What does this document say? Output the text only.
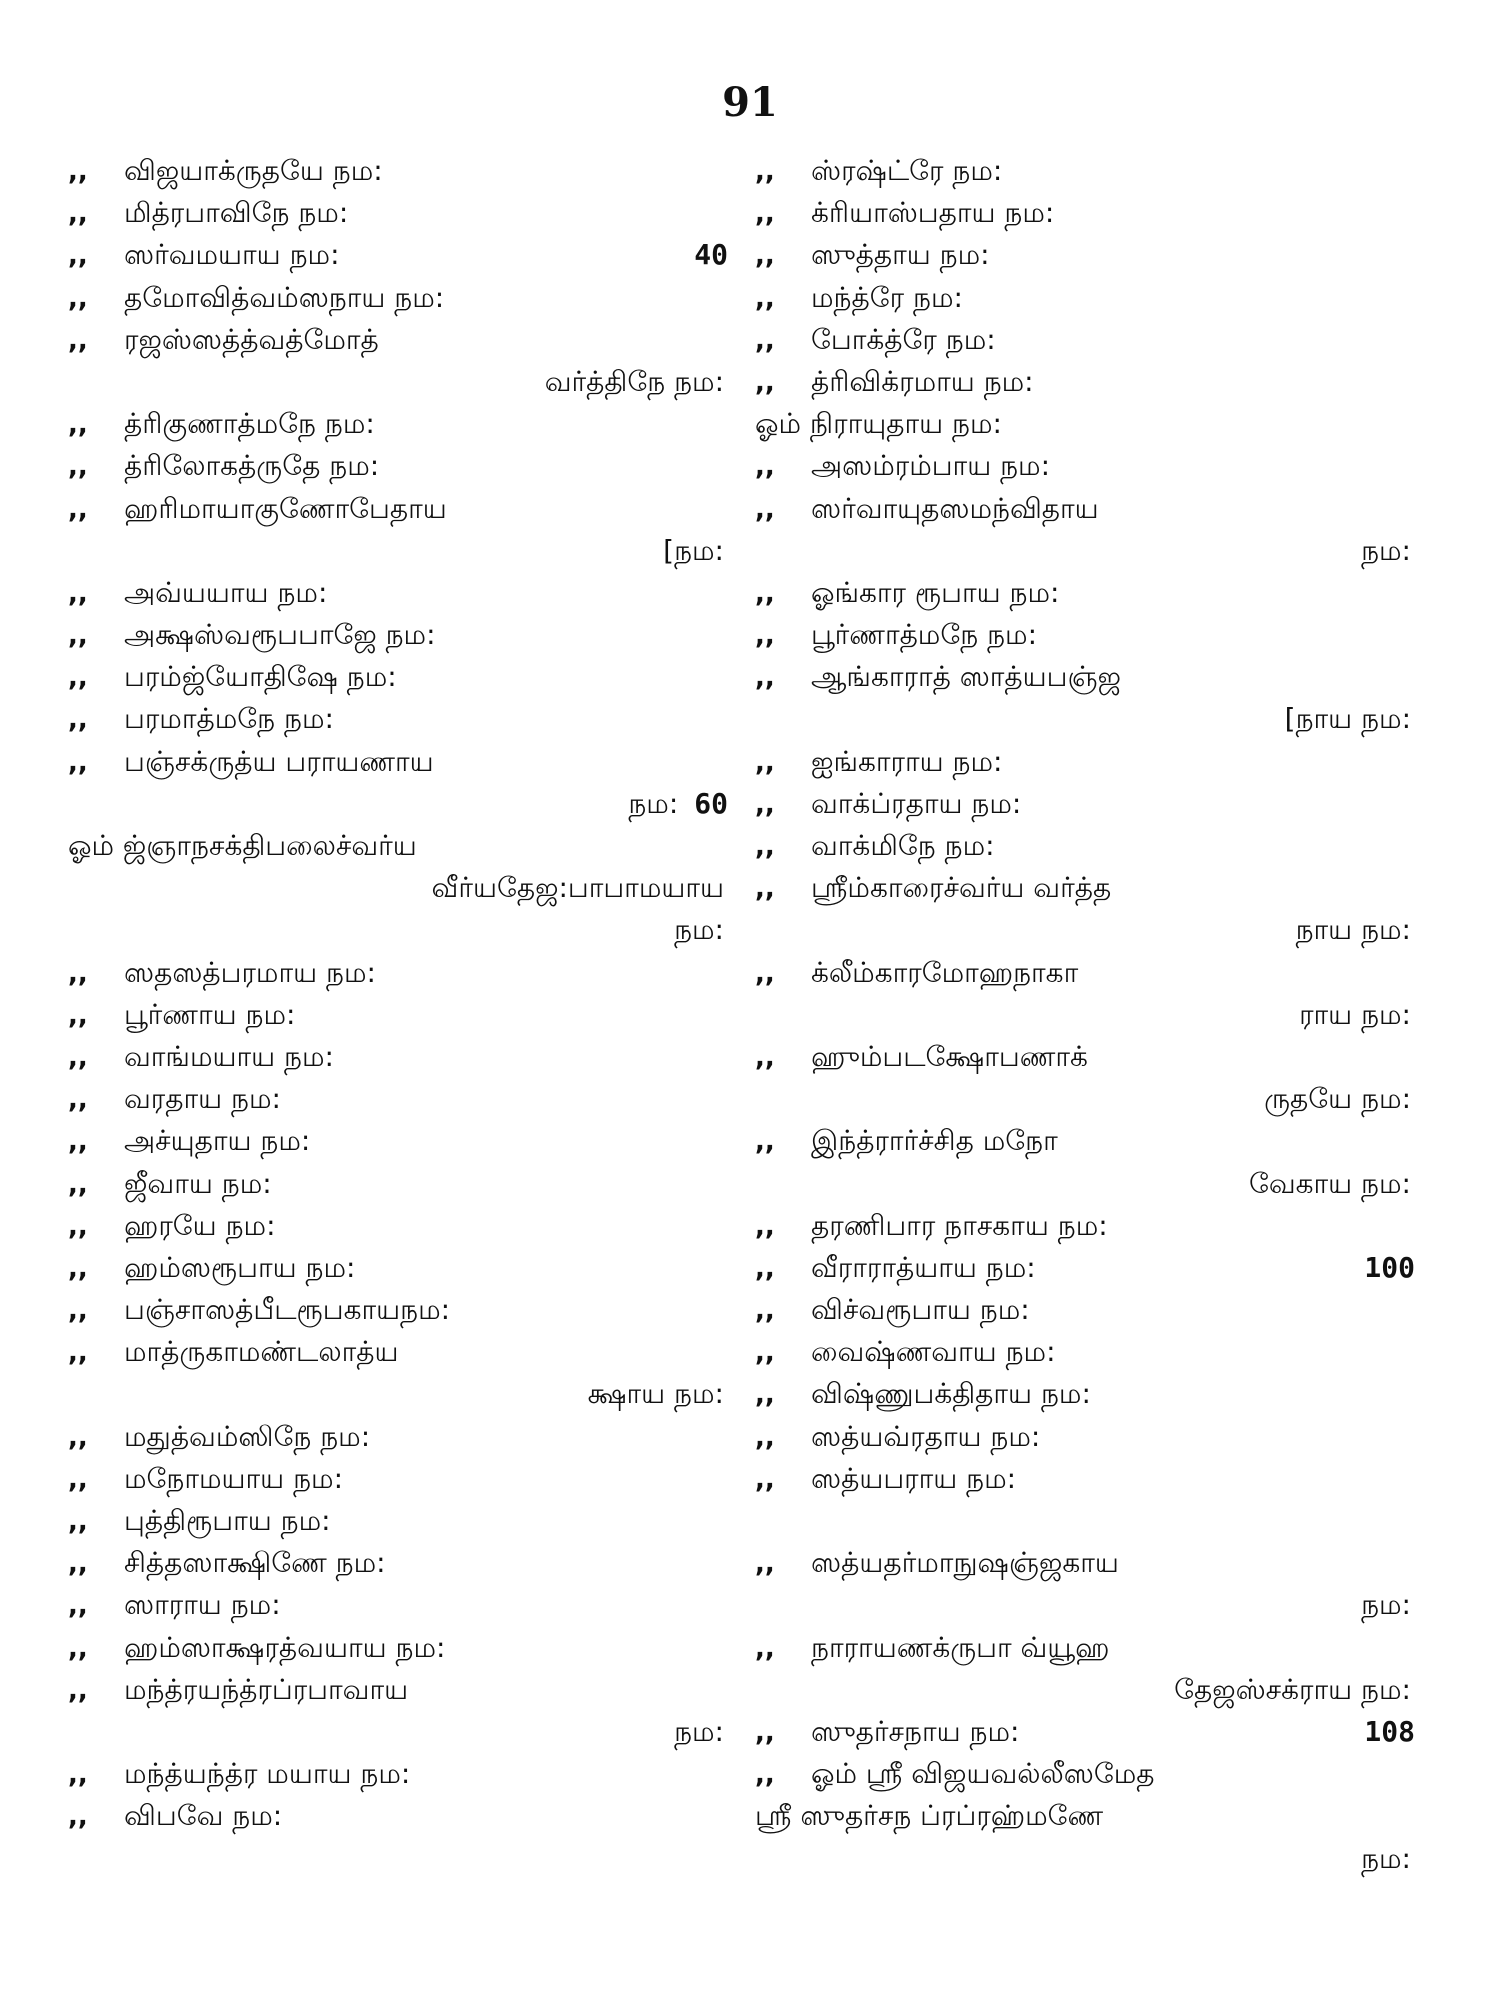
91
,,	விஜயாக்ருதயே நம:
,,	மித்ரபாவிநே நம:
,,	ஸர்வமயாய நம:	40
,,	தமோவித்வம்ஸநாய நம:
,,	ரஜஸ்ஸத்த்வத்மோத்
வர்த்திநே நம:
,,	த்ரிகுணாத்மநே நம:
,,	த்ரிலோகத்ருதே நம:
,,	ஹரிமாயாகுணோபேதாய
[நம:
,,	அவ்யயாய நம:
,,	அக்ஷஸ்வரூபபாஜே நம:
,,	பரம்ஜ்யோதிஷே நம:
,,	பரமாத்மநே நம:
,,	பஞ்சக்ருத்ய பராயணாய
நம: 60
ஓம் ஜ்ஞாநசக்திபலைச்வர்ய
வீர்யதேஜ:பாபாமயாய
நம:
,,	ஸதஸத்பரமாய நம:
,,	பூர்ணாய நம:
,,	வாங்மயாய நம:
,,	வரதாய நம:
,,	அச்யுதாய நம:
,,	ஜீவாய நம:
,,	ஹரயே நம:
,,	ஹம்ஸரூபாய நம:
,,	பஞ்சாஸத்பீடரூபகாயநம:
,,	மாத்ருகாமண்டலாத்ய
க்ஷாய நம:
,,	மதுத்வம்ஸிநே நம:
,,	மநோமயாய நம:
,,	புத்திரூபாய நம:
,,	சித்தஸாக்ஷிணே நம:
,,	ஸாராய நம:
,,	ஹம்ஸாக்ஷரத்வயாய நம:
,,	மந்த்ரயந்த்ரப்ரபாவாய
நம:
,,	மந்த்யந்த்ர மயாய நம:
,,	விபவே நம:
,,	ஸ்ரஷ்ட்ரே நம:
,,	க்ரியாஸ்பதாய நம:
,,	ஸுத்தாய நம:
,,	மந்த்ரே நம:
,,	போக்த்ரே நம:
,,	த்ரிவிக்ரமாய நம:
ஓம் நிராயுதாய நம:
,,	அஸம்ரம்பாய நம:
,,	ஸர்வாயுதஸமந்விதாய
நம:
,,	ஓங்கார ரூபாய நம:
,,	பூர்ணாத்மநே நம:
,,	ஆங்காராத் ஸாத்யபஞ்ஜ
[நாய நம:
,,	ஐங்காராய நம:
,,	வாக்ப்ரதாய நம:
,,	வாக்மிநே நம:
,,	ஸ்ரீம்காரைச்வர்ய வர்த்த
நாய நம:
,,	க்லீம்காரமோஹநாகா
ராய நம:
,,	ஹும்படக்ஷோபணாக்
ருதயே நம:
,,	இந்த்ரார்ச்சித மநோ
வேகாய நம:
,,	தரணிபார நாசகாய நம:
,,	வீராராத்யாய நம:	100
,,	விச்வரூபாய நம:
,,	வைஷ்ணவாய நம:
,,	விஷ்ணுபக்திதாய நம:
,,	ஸத்யவ்ரதாய நம:
,,	ஸத்யபராய நம:
,,	ஸத்யதர்மாநுஷஞ்ஜகாய
நம:
,,	நாராயணக்ருபா வ்யூஹ
தேஜஸ்சக்ராய நம:
,,	ஸுதர்சநாய நம:	108
,,	ஓம் ஸ்ரீ விஜயவல்லீஸமேத
ஸ்ரீ ஸுதர்சந ப்ரப்ரஹ்மணே
நம:
